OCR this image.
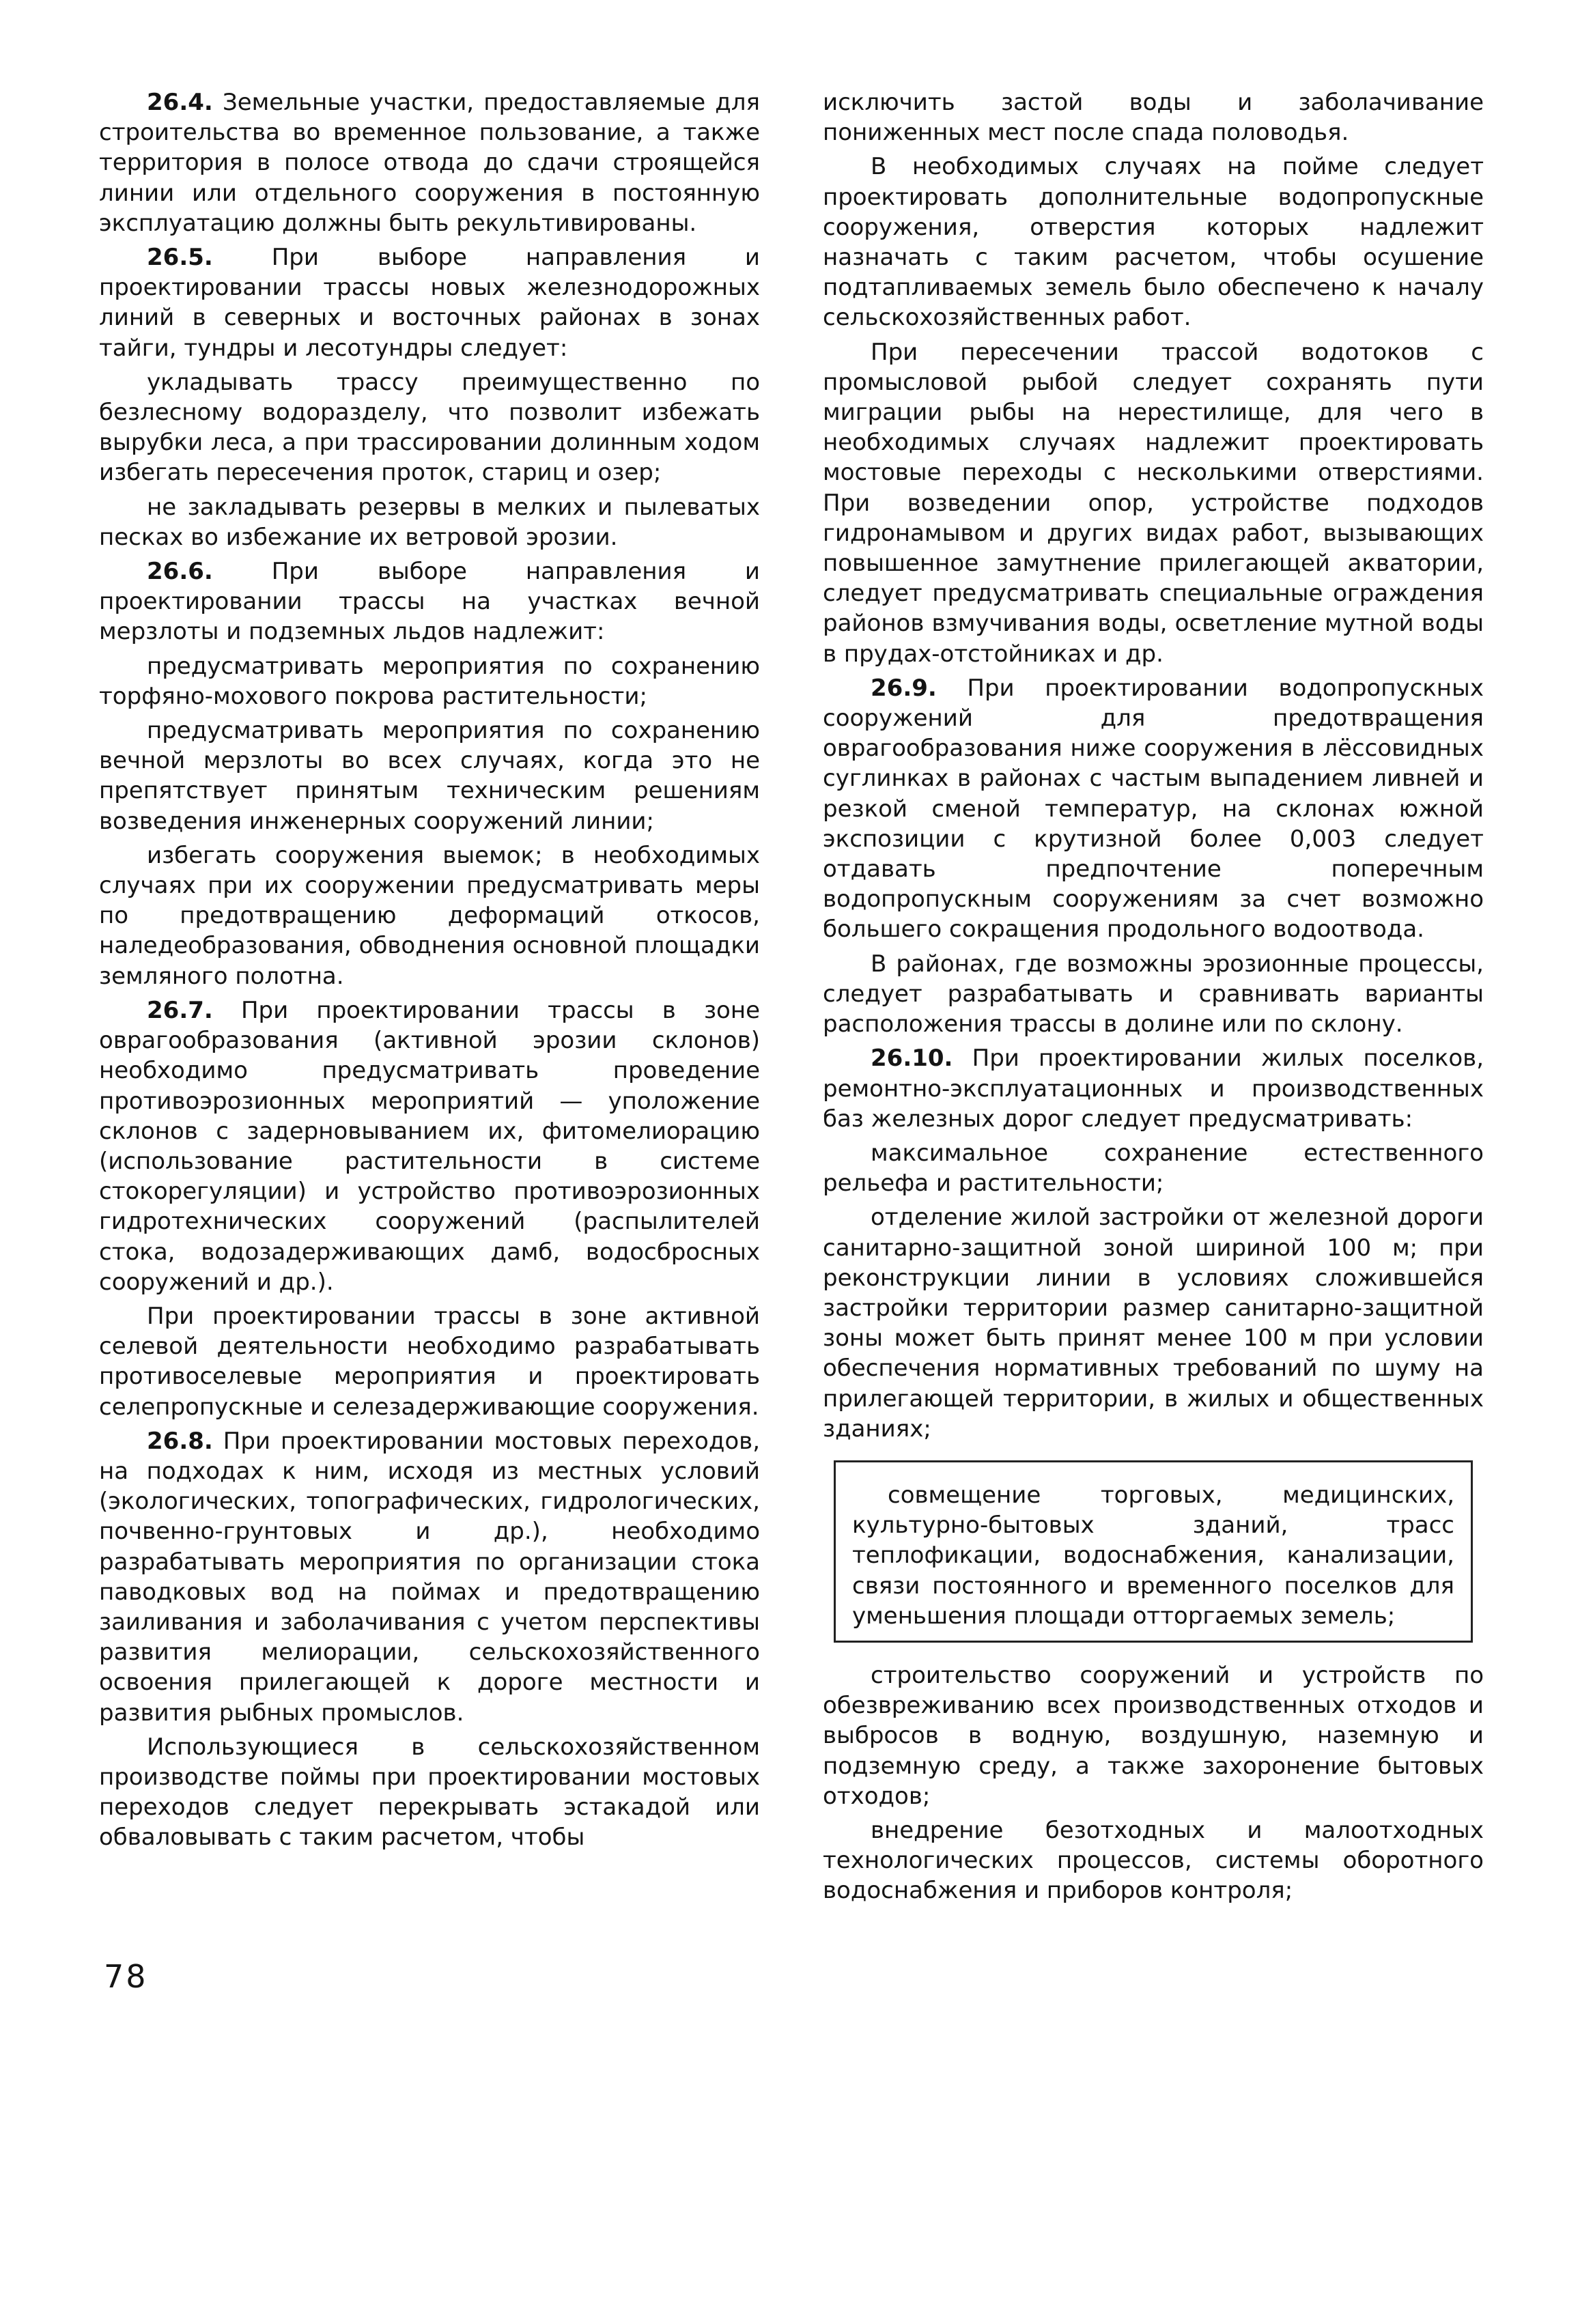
26.4. Земельные участки, предоставляемые для строительства во временное пользование, а также территория в полосе отвода до сдачи строящейся линии или отдельного сооружения в постоянную эксплуатацию должны быть рекультивированы.

26.5. При выборе направления и проектировании трассы новых железнодорожных линий в северных и восточных районах в зонах тайги, тундры и лесотундры следует:

укладывать трассу преимущественно по безлесному водоразделу, что позволит избежать вырубки леса, а при трассировании долинным ходом избегать пересечения проток, стариц и озер;

не закладывать резервы в мелких и пылеватых песках во избежание их ветровой эрозии.

26.6. При выборе направления и проектировании трассы на участках вечной мерзлоты и подземных льдов надлежит:

предусматривать мероприятия по сохранению торфяно-мохового покрова растительности;

предусматривать мероприятия по сохранению вечной мерзлоты во всех случаях, когда это не препятствует принятым техническим решениям возведения инженерных сооружений линии;

избегать сооружения выемок; в необходимых случаях при их сооружении предусматривать меры по предотвращению деформаций откосов, наледеобразования, обводнения основной площадки земляного полотна.

26.7. При проектировании трассы в зоне оврагообразования (активной эрозии склонов) необходимо предусматривать проведение противоэрозионных мероприятий — уположение склонов с задерновыванием их, фитомелиорацию (использование растительности в системе стокорегуляции) и устройство противоэрозионных гидротехнических сооружений (распылителей стока, водозадерживающих дамб, водосбросных сооружений и др.).

При проектировании трассы в зоне активной селевой деятельности необходимо разрабатывать противоселевые мероприятия и проектировать селепропускные и селезадерживающие сооружения.

26.8. При проектировании мостовых переходов, на подходах к ним, исходя из местных условий (экологических, топографических, гидрологических, почвенно-грунтовых и др.), необходимо разрабатывать мероприятия по организации стока паводковых вод на поймах и предотвращению заиливания и заболачивания с учетом перспективы развития мелиорации, сельскохозяйственного освоения прилегающей к дороге местности и развития рыбных промыслов.

Использующиеся в сельскохозяйственном производстве поймы при проектировании мостовых переходов следует перекрывать эстакадой или обваловывать с таким расчетом, чтобы

исключить застой воды и заболачивание пониженных мест после спада половодья.

В необходимых случаях на пойме следует проектировать дополнительные водопропускные сооружения, отверстия которых надлежит назначать с таким расчетом, чтобы осушение подтапливаемых земель было обеспечено к началу сельскохозяйственных работ.

При пересечении трассой водотоков с промысловой рыбой следует сохранять пути миграции рыбы на нерестилище, для чего в необходимых случаях надлежит проектировать мостовые переходы с несколькими отверстиями. При возведении опор, устройстве подходов гидронамывом и других видах работ, вызывающих повышенное замутнение прилегающей акватории, следует предусматривать специальные ограждения районов взмучивания воды, осветление мутной воды в прудах-отстойниках и др.

26.9. При проектировании водопропускных сооружений для предотвращения оврагообразования ниже сооружения в лёссовидных суглинках в районах с частым выпадением ливней и резкой сменой температур, на склонах южной экспозиции с крутизной более 0,003 следует отдавать предпочтение поперечным водопропускным сооружениям за счет возможно большего сокращения продольного водоотвода.

В районах, где возможны эрозионные процессы, следует разрабатывать и сравнивать варианты расположения трассы в долине или по склону.

26.10. При проектировании жилых поселков, ремонтно-эксплуатационных и производственных баз железных дорог следует предусматривать:

максимальное сохранение естественного рельефа и растительности;

отделение жилой застройки от железной дороги санитарно-защитной зоной шириной 100 м; при реконструкции линии в условиях сложившейся застройки территории размер санитарно-защитной зоны может быть принят менее 100 м при условии обеспечения нормативных требований по шуму на прилегающей территории, в жилых и общественных зданиях;

совмещение торговых, медицинских, культурно-бытовых зданий, трасс теплофикации, водоснабжения, канализации, связи постоянного и временного поселков для уменьшения площади отторгаемых земель;

строительство сооружений и устройств по обезвреживанию всех производственных отходов и выбросов в водную, воздушную, наземную и подземную среду, а также захоронение бытовых отходов;

внедрение безотходных и малоотходных технологических процессов, системы оборотного водоснабжения и приборов контроля;

78
